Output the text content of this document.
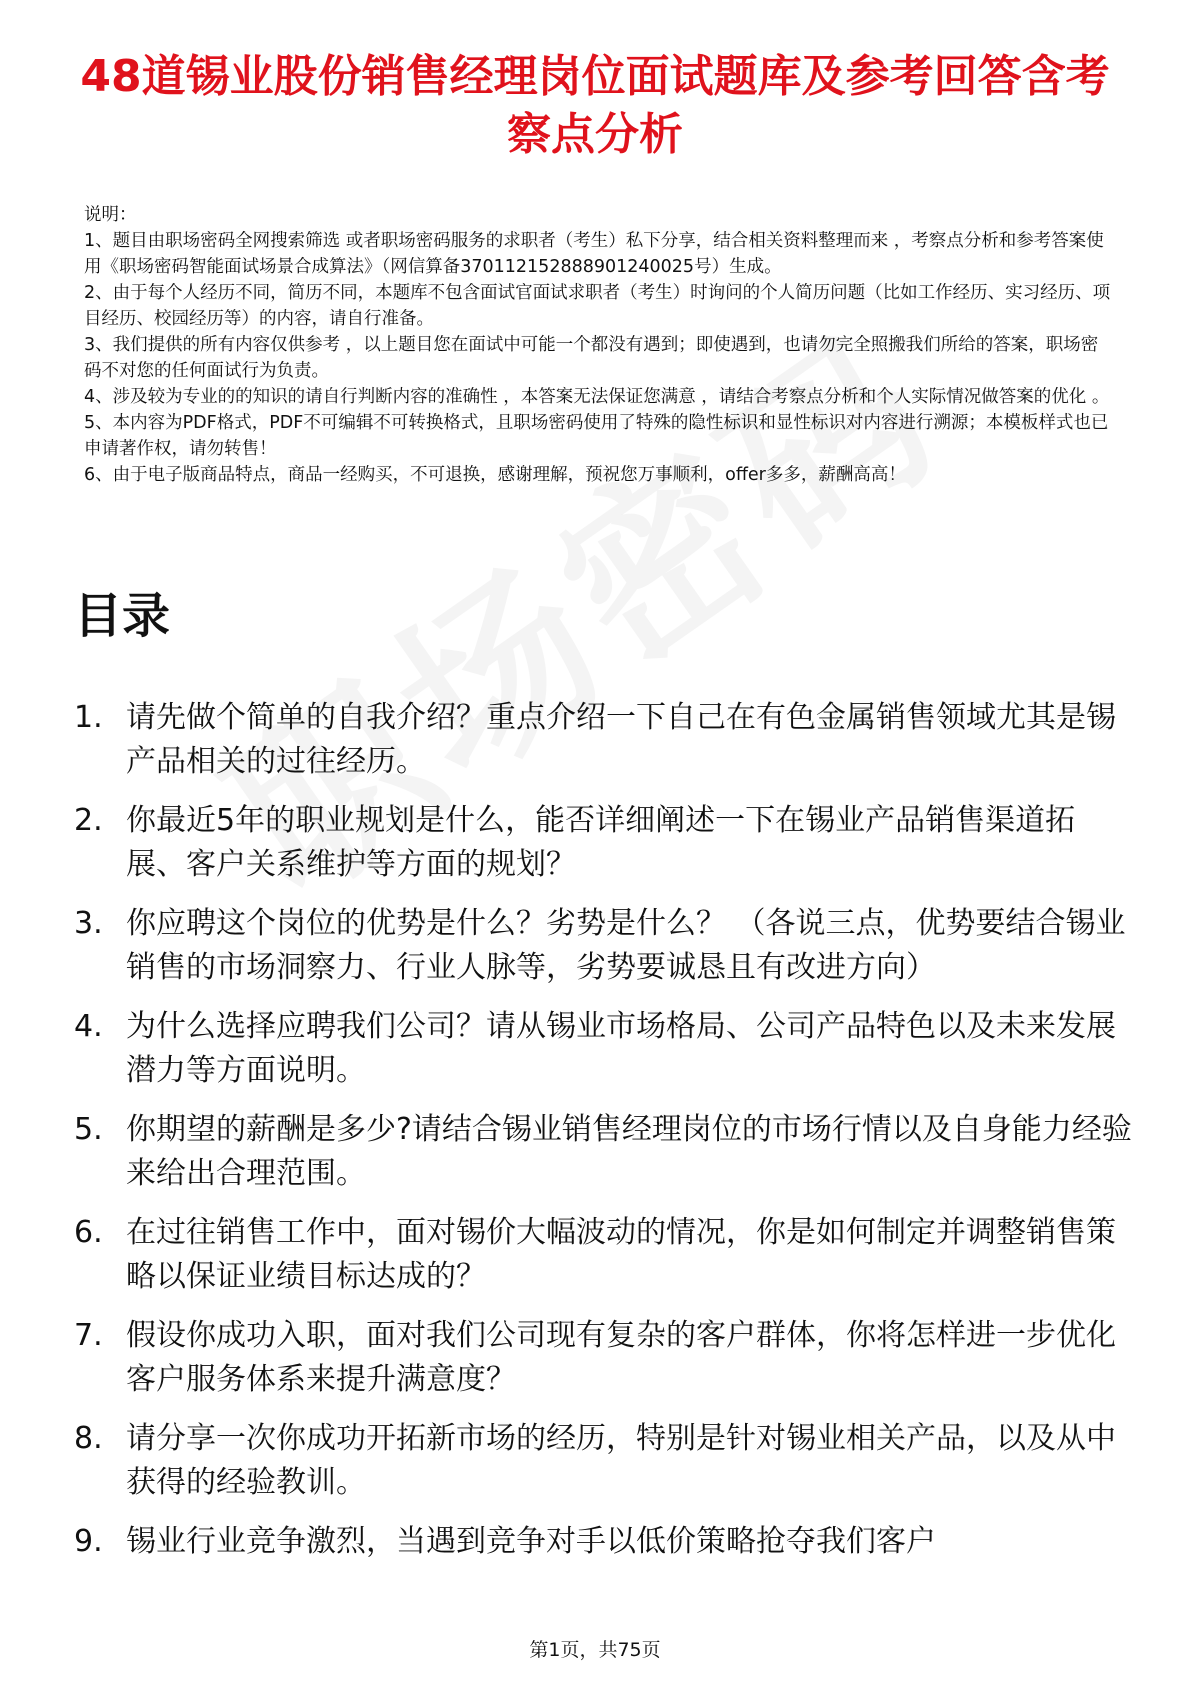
48道锡业股份销售经理岗位面试题库及参考回答含考察点分析

说明：

1、题目由职场密码全网搜索筛选 或者职场密码服务的求职者（考生）私下分享，结合相关资料整理而来 ，考察点分析和参考答案使用《职场密码智能面试场景合成算法》（网信算备370112152888901240025号）生成。

2、由于每个人经历不同，简历不同，本题库不包含面试官面试求职者（考生）时询问的个人简历问题（比如工作经历、实习经历、项目经历、校园经历等）的内容，请自行准备。

3、我们提供的所有内容仅供参考 ，以上题目您在面试中可能一个都没有遇到；即使遇到，也请勿完全照搬我们所给的答案，职场密码不对您的任何面试行为负责。

4、涉及较为专业的的知识的请自行判断内容的准确性 ，本答案无法保证您满意 ，请结合考察点分析和个人实际情况做答案的优化 。

5、本内容为PDF格式，PDF不可编辑不可转换格式，且职场密码使用了特殊的隐性标识和显性标识对内容进行溯源；本模板样式也已申请著作权，请勿转售！

6、由于电子版商品特点，商品一经购买，不可退换，感谢理解，预祝您万事顺利，offer多多，薪酬高高！

目录
1. 请先做个简单的自我介绍？重点介绍一下自己在有色金属销售领域尤其是锡产品相关的过往经历。
2. 你最近5年的职业规划是什么，能否详细阐述一下在锡业产品销售渠道拓展、客户关系维护等方面的规划？
3. 你应聘这个岗位的优势是什么？劣势是什么？ （各说三点，优势要结合锡业销售的市场洞察力、行业人脉等，劣势要诚恳且有改进方向）
4. 为什么选择应聘我们公司？请从锡业市场格局、公司产品特色以及未来发展潜力等方面说明。
5. 你期望的薪酬是多少?请结合锡业销售经理岗位的市场行情以及自身能力经验来给出合理范围。
6. 在过往销售工作中，面对锡价大幅波动的情况，你是如何制定并调整销售策略以保证业绩目标达成的？
7. 假设你成功入职，面对我们公司现有复杂的客户群体，你将怎样进一步优化客户服务体系来提升满意度？
8. 请分享一次你成功开拓新市场的经历，特别是针对锡业相关产品，以及从中获得的经验教训。
9. 锡业行业竞争激烈，当遇到竞争对手以低价策略抢夺我们客户
第1页，共75页
